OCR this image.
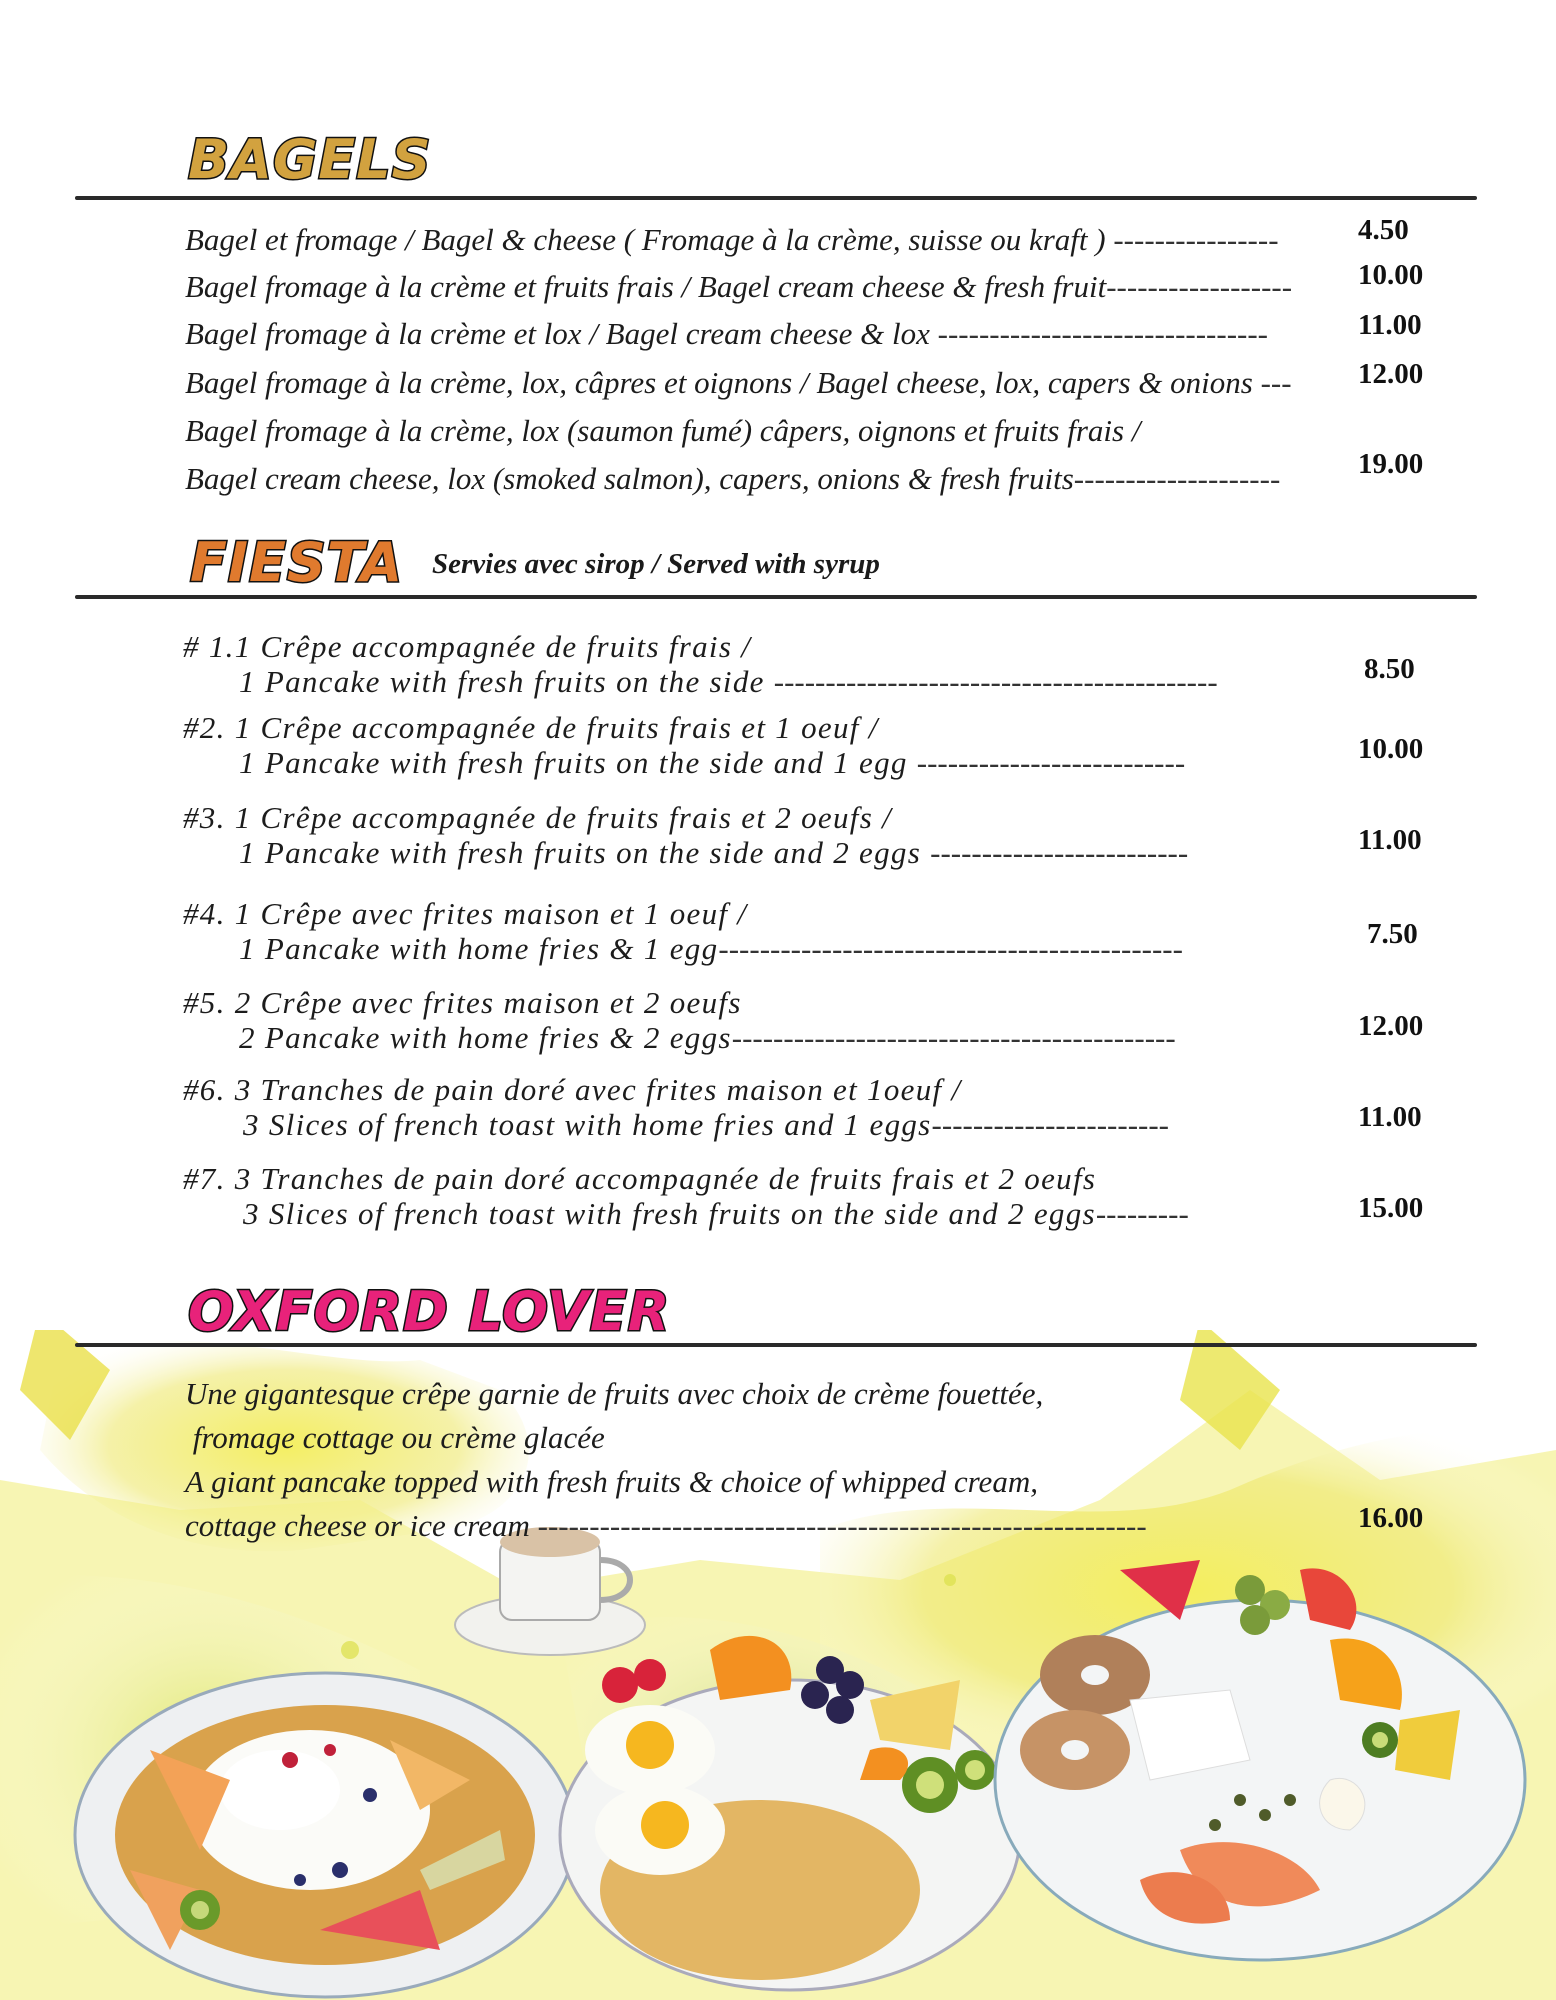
BAGELS
Bagel et fromage / Bagel & cheese ( Fromage à la crème, suisse ou kraft ) ----------------	4.50
Bagel fromage à la crème et fruits frais / Bagel cream cheese & fresh fruit------------------ 10.00
Bagel fromage à la crème et lox / Bagel cream cheese & lox --------------------------------	11.00
Bagel fromage à la crème, lox, câpres et oignons / Bagel cheese, lox, capers & onions --- 12.00
Bagel fromage à la crème, lox (saumon fumé) câpers, oignons et fruits frais /
Bagel cream cheese, lox (smoked salmon), capers, onions & fresh fruits--------------------	19.00
FIESTA Servies avec sirop / Served with syrup
# 1.1 Crêpe accompagnée de fruits frais /
1 Pancake with fresh fruits on the side -------------------------------------------	8.50
#2. 1 Crêpe accompagnée de fruits frais et 1 oeuf /
1 Pancake with fresh fruits on the side and 1 egg --------------------------	10.00
#3. 1 Crêpe accompagnée de fruits frais et 2 oeufs /
1 Pancake with fresh fruits on the side and 2 eggs -------------------------	11.00
#4. 1 Crêpe avec frites maison et 1 oeuf /
1 Pancake with home fries & 1 egg---------------------------------------------	7.50
#5. 2 Crêpe avec frites maison et 2 oeufs
2 Pancake with home fries & 2 eggs-------------------------------------------	12.00
#6. 3 Tranches de pain doré avec frites maison et 1oeuf /
3 Slices of french toast with home fries and 1 eggs-----------------------	11.00
#7. 3 Tranches de pain doré accompagnée de fruits frais et 2 oeufs
3 Slices of french toast with fresh fruits on the side and 2 eggs---------	15.00
OXFORD LOVER
Une gigantesque crêpe garnie de fruits avec choix de crème fouettée,
fromage cottage ou crème glacée
A giant pancake topped with fresh fruits & choice of whipped cream,
cottage cheese or ice cream -----------------------------------------------------------	16.00
